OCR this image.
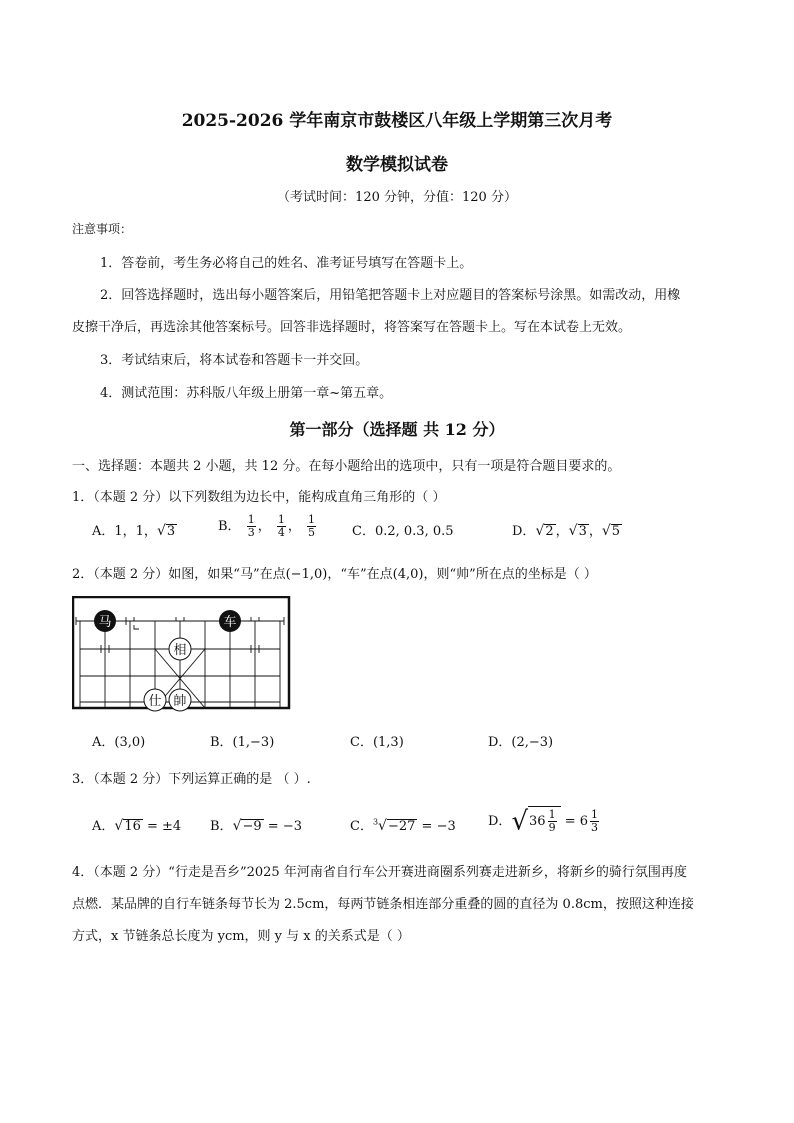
2025-2026 学年南京市鼓楼区八年级上学期第三次月考
数学模拟试卷
（考试时间：120 分钟，分值：120 分）
注意事项：
1．答卷前，考生务必将自己的姓名、准考证号填写在答题卡上。
2．回答选择题时，选出每小题答案后，用铅笔把答题卡上对应题目的答案标号涂黑。如需改动，用橡
皮擦干净后，再选涂其他答案标号。回答非选择题时，将答案写在答题卡上。写在本试卷上无效。
3．考试结束后，将本试卷和答题卡一并交回。
4．测试范围：苏科版八年级上册第一章~第五章。
第一部分（选择题 共 12 分）
一、选择题：本题共 2 小题，共 12 分。在每小题给出的选项中，只有一项是符合题目要求的。
1．（本题 2 分）以下列数组为边长中，能构成直角三角形的（ ）
A．1，1，√3	B． $\frac{1}{3}$ ， $\frac{1}{4}$ ， $\frac{1}{5}$	C．0.2, 0.3, 0.5	D．√2 ，√3 ，√5
2．（本题 2 分）如图，如果“马”在点(−1,0)，“车”在点(4,0)，则“帅”所在点的坐标是（ ）
马	车
相
仕 帥
A．(3,0)	B．(1,−3)	C．(1,3)	D．(2,−3)
3．（本题 2 分）下列运算正确的是 （ ）.
A．√16 = ±4 B．√−9 = −3	C．$^3$√−27 = −3 D．$√36 \frac{1}{9} = 6 \frac{1}{3}$
4．（本题 2 分）“行走是吾乡”2025 年河南省自行车公开赛进商圈系列赛走进新乡，将新乡的骑行氛围再度
点燃．某品牌的自行车链条每节长为 2.5cm，每两节链条相连部分重叠的圆的直径为 0.8cm，按照这种连接
方式，x 节链条总长度为 ycm，则 y 与 x 的关系式是（ ）
